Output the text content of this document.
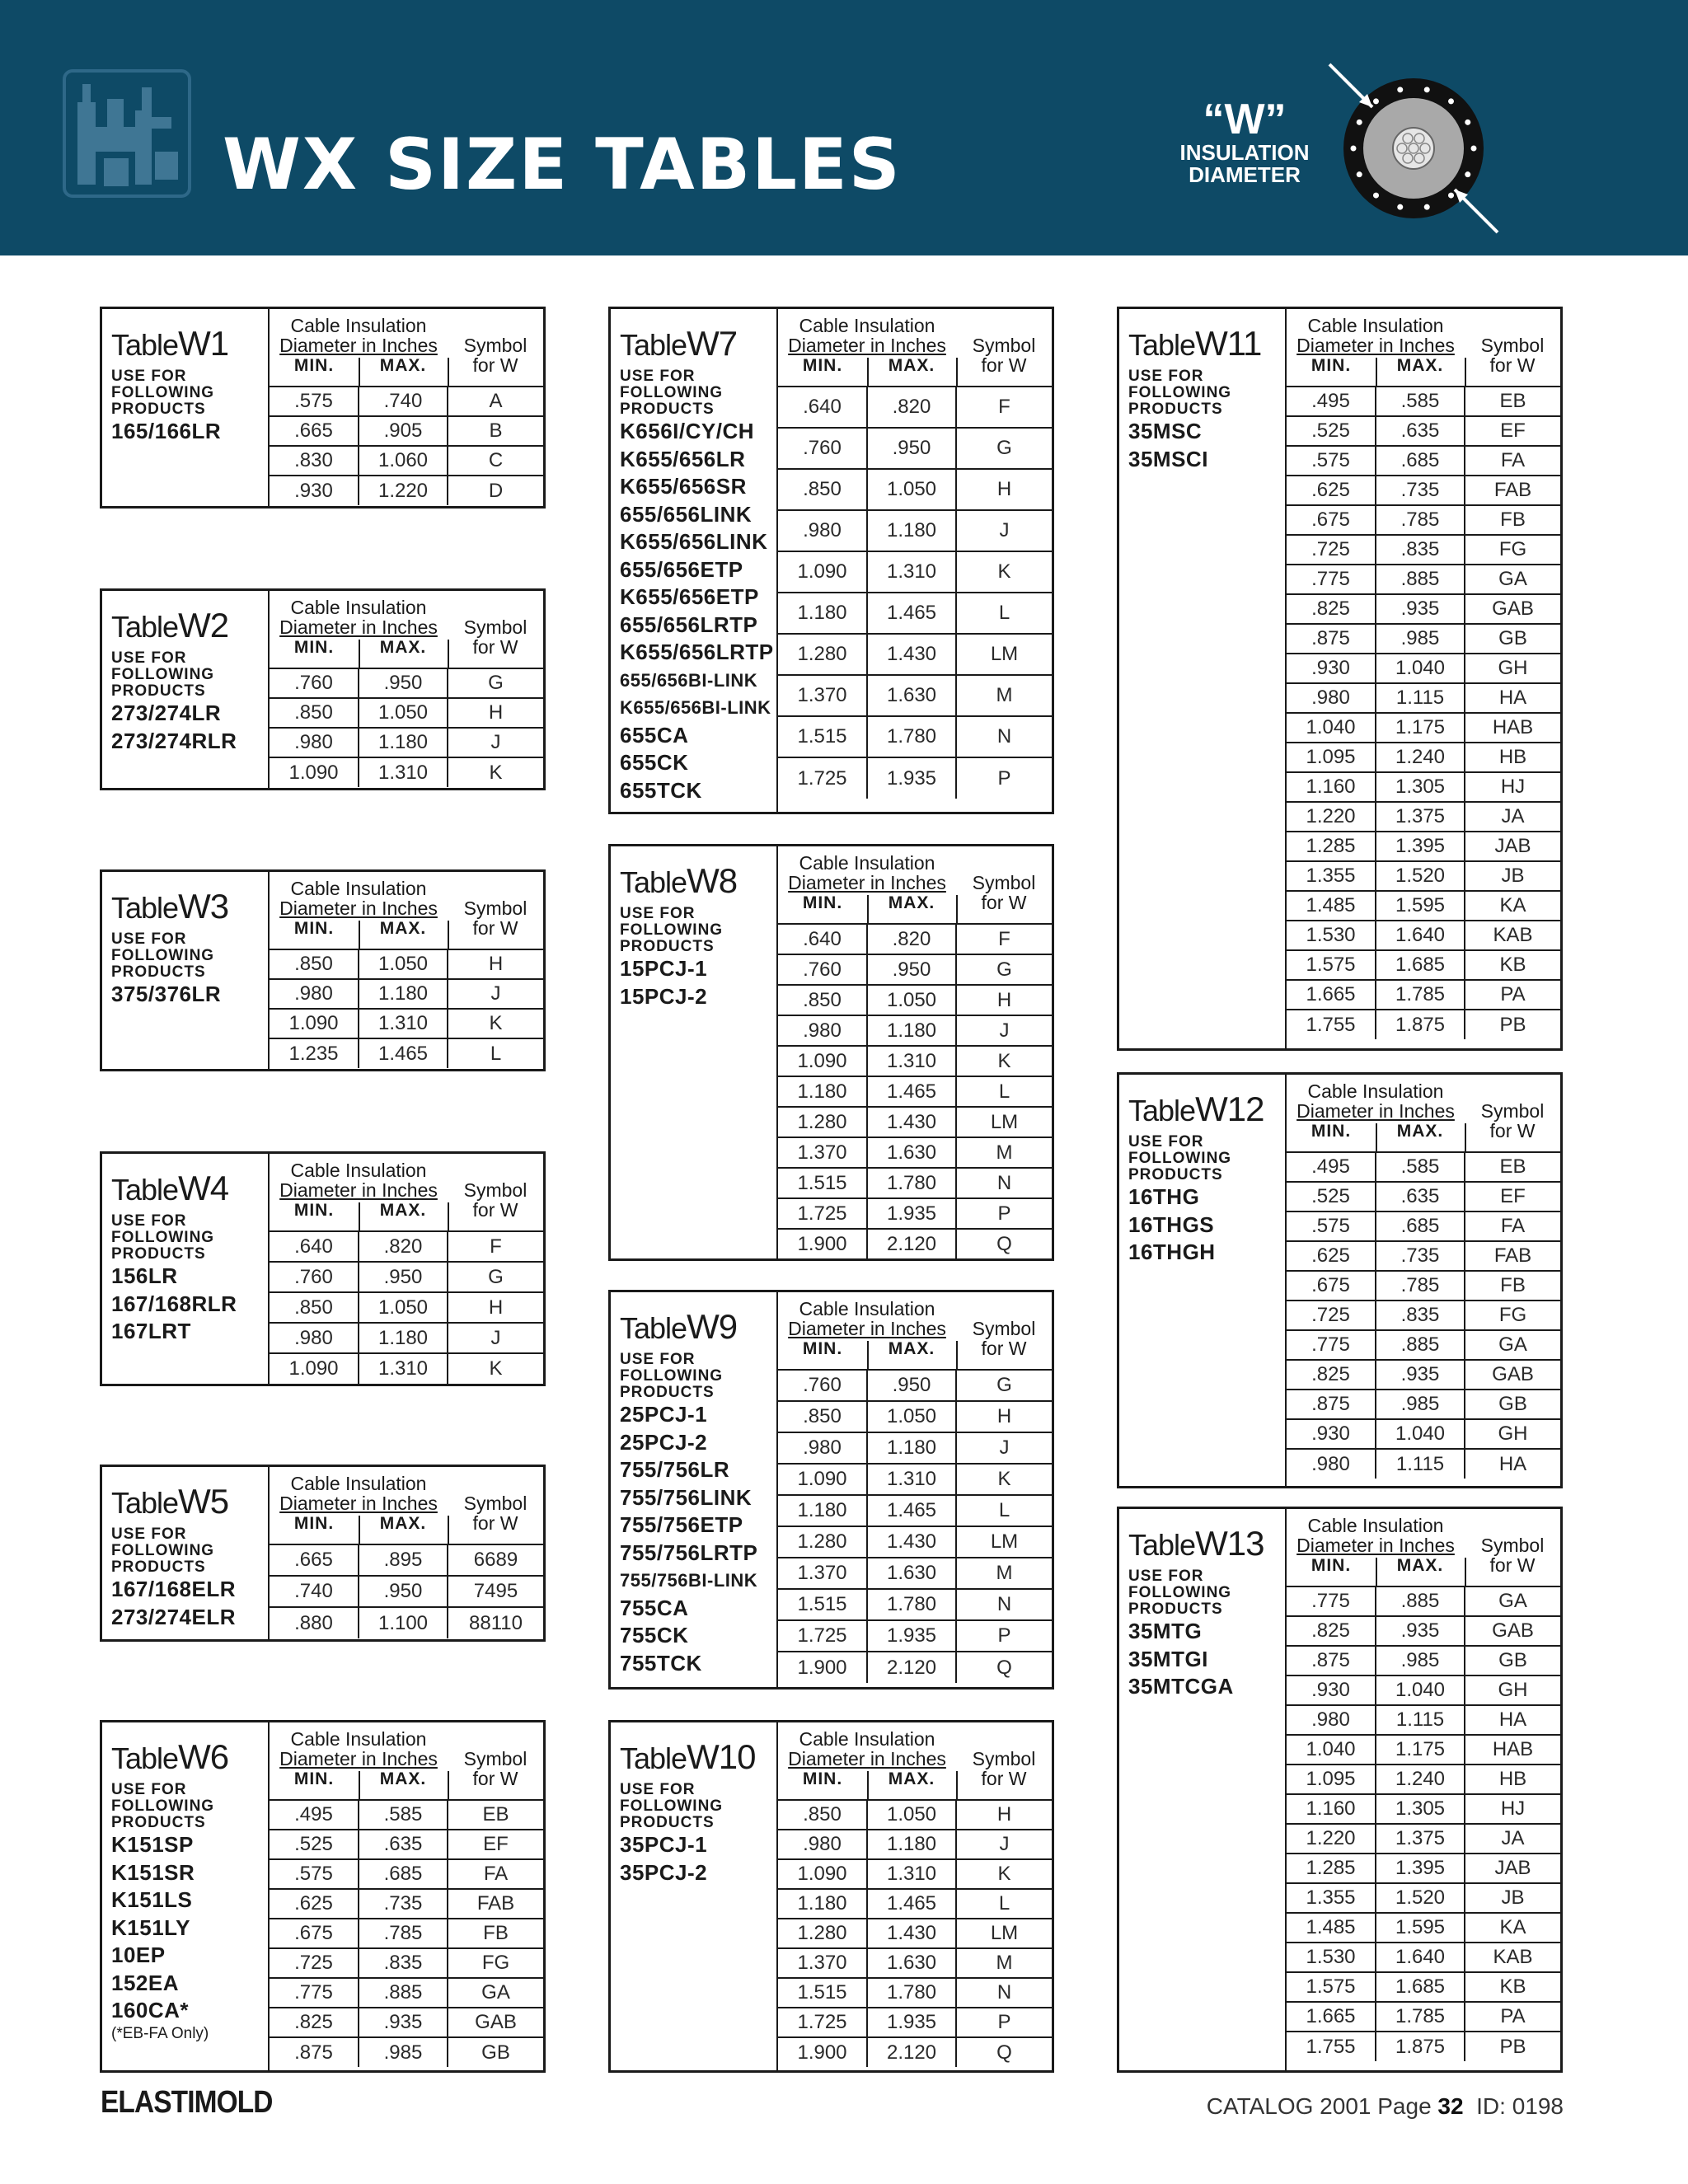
WX SIZE TABLES
“W”
INSULATION
DIAMETER
TableW1
USE FOR
FOLLOWING
PRODUCTS
165/166LR
Cable Insulation
Diameter in Inches	Symbol
for W
MIN.	MAX.
.575	.740	A
.665	.905	B
.830	1.060	C
.930	1.220	D
TableW2
USE FOR
FOLLOWING
PRODUCTS
273/274LR
273/274RLR
Cable Insulation
Diameter in Inches	Symbol
for W
MIN.	MAX.
.760	.950	G
.850	1.050	H
.980	1.180	J
1.090	1.310	K
TableW3
USE FOR
FOLLOWING
PRODUCTS
375/376LR
Cable Insulation
Diameter in Inches	Symbol
for W
MIN.	MAX.
.850	1.050	H
.980	1.180	J
1.090	1.310	K
1.235	1.465	L
TableW4
USE FOR
FOLLOWING
PRODUCTS
156LR
167/168RLR
167LRT
Cable Insulation
Diameter in Inches	Symbol
for W
MIN.	MAX.
.640	.820	F
.760	.950	G
.850	1.050	H
.980	1.180	J
1.090	1.310	K
TableW5
USE FOR
FOLLOWING
PRODUCTS
167/168ELR
273/274ELR
Cable Insulation
Diameter in Inches	Symbol
for W
MIN.	MAX.
.665	.895	6689
.740	.950	7495
.880	1.100	88110
TableW6
USE FOR
FOLLOWING
PRODUCTS
K151SP
K151SR
K151LS
K151LY
10EP
152EA
160CA*
(*EB-FA Only)
Cable Insulation
Diameter in Inches	Symbol
for W
MIN.	MAX.
.495	.585	EB
.525	.635	EF
.575	.685	FA
.625	.735	FAB
.675	.785	FB
.725	.835	FG
.775	.885	GA
.825	.935	GAB
.875	.985	GB
TableW7
USE FOR
FOLLOWING
PRODUCTS
K656I/CY/CH
K655/656LR
K655/656SR
655/656LINK
K655/656LINK
655/656ETP
K655/656ETP
655/656LRTP
K655/656LRTP
655/656BI-LINK
K655/656BI-LINK
655CA
655CK
655TCK
Cable Insulation
Diameter in Inches	Symbol
for W
MIN.	MAX.
.640	.820	F
.760	.950	G
.850	1.050	H
.980	1.180	J
1.090	1.310	K
1.180	1.465	L
1.280	1.430	LM
1.370	1.630	M
1.515	1.780	N
1.725	1.935	P
TableW8
USE FOR
FOLLOWING
PRODUCTS
15PCJ-1
15PCJ-2
Cable Insulation
Diameter in Inches	Symbol
for W
MIN.	MAX.
.640	.820	F
.760	.950	G
.850	1.050	H
.980	1.180	J
1.090	1.310	K
1.180	1.465	L
1.280	1.430	LM
1.370	1.630	M
1.515	1.780	N
1.725	1.935	P
1.900	2.120	Q
TableW9
USE FOR
FOLLOWING
PRODUCTS
25PCJ-1
25PCJ-2
755/756LR
755/756LINK
755/756ETP
755/756LRTP
755/756BI-LINK
755CA
755CK
755TCK
Cable Insulation
Diameter in Inches	Symbol
for W
MIN.	MAX.
.760	.950	G
.850	1.050	H
.980	1.180	J
1.090	1.310	K
1.180	1.465	L
1.280	1.430	LM
1.370	1.630	M
1.515	1.780	N
1.725	1.935	P
1.900	2.120	Q
TableW10
USE FOR
FOLLOWING
PRODUCTS
35PCJ-1
35PCJ-2
Cable Insulation
Diameter in Inches	Symbol
for W
MIN.	MAX.
.850	1.050	H
.980	1.180	J
1.090	1.310	K
1.180	1.465	L
1.280	1.430	LM
1.370	1.630	M
1.515	1.780	N
1.725	1.935	P
1.900	2.120	Q
TableW11
USE FOR
FOLLOWING
PRODUCTS
35MSC
35MSCI
Cable Insulation
Diameter in Inches	Symbol
for W
MIN.	MAX.
.495	.585	EB
.525	.635	EF
.575	.685	FA
.625	.735	FAB
.675	.785	FB
.725	.835	FG
.775	.885	GA
.825	.935	GAB
.875	.985	GB
.930	1.040	GH
.980	1.115	HA
1.040	1.175	HAB
1.095	1.240	HB
1.160	1.305	HJ
1.220	1.375	JA
1.285	1.395	JAB
1.355	1.520	JB
1.485	1.595	KA
1.530	1.640	KAB
1.575	1.685	KB
1.665	1.785	PA
1.755	1.875	PB
TableW12
USE FOR
FOLLOWING
PRODUCTS
16THG
16THGS
16THGH
Cable Insulation
Diameter in Inches	Symbol
for W
MIN.	MAX.
.495	.585	EB
.525	.635	EF
.575	.685	FA
.625	.735	FAB
.675	.785	FB
.725	.835	FG
.775	.885	GA
.825	.935	GAB
.875	.985	GB
.930	1.040	GH
.980	1.115	HA
TableW13
USE FOR
FOLLOWING
PRODUCTS
35MTG
35MTGI
35MTCGA
Cable Insulation
Diameter in Inches	Symbol
for W
MIN.	MAX.
.775	.885	GA
.825	.935	GAB
.875	.985	GB
.930	1.040	GH
.980	1.115	HA
1.040	1.175	HAB
1.095	1.240	HB
1.160	1.305	HJ
1.220	1.375	JA
1.285	1.395	JAB
1.355	1.520	JB
1.485	1.595	KA
1.530	1.640	KAB
1.575	1.685	KB
1.665	1.785	PA
1.755	1.875	PB
ELASTIMOLD	CATALOG 2001 Page 32 ID: 0198
